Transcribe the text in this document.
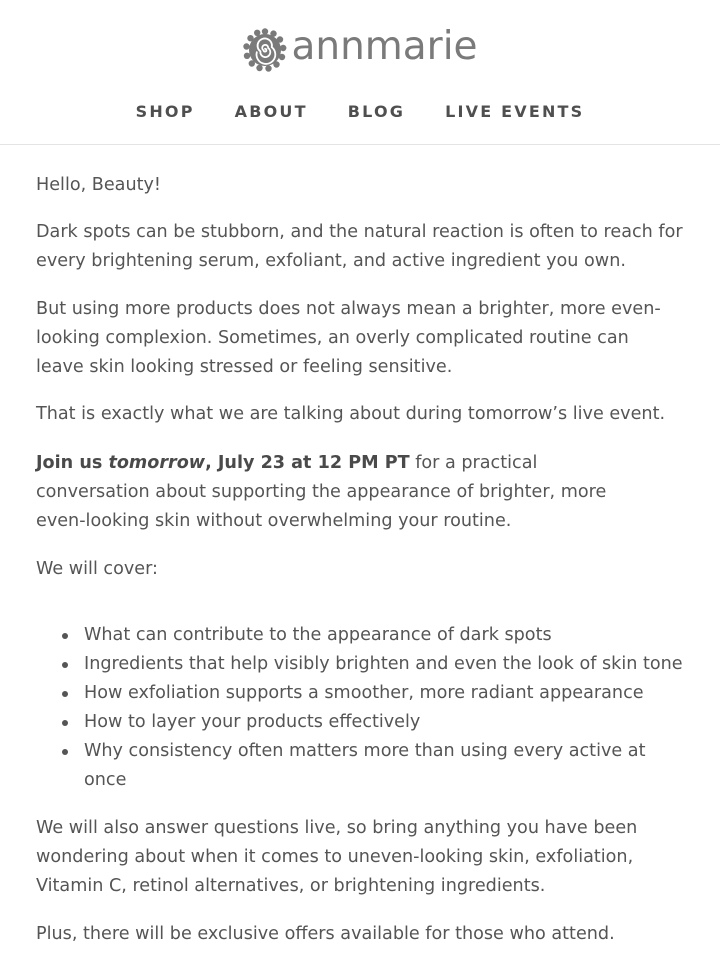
annmarie
SHOP	ABOUT	BLOG	LIVE EVENTS

Hello, Beauty!

Dark spots can be stubborn, and the natural reaction is often to reach for every brightening serum, exfoliant, and active ingredient you own.

But using more products does not always mean a brighter, more even-looking complexion. Sometimes, an overly complicated routine can leave skin looking stressed or feeling sensitive.

That is exactly what we are talking about during tomorrow’s live event.

Join us tomorrow, July 23 at 12 PM PT for a practical conversation about supporting the appearance of brighter, more even-looking skin without overwhelming your routine.

We will cover:

What can contribute to the appearance of dark spots
Ingredients that help visibly brighten and even the look of skin tone
How exfoliation supports a smoother, more radiant appearance
How to layer your products effectively
Why consistency often matters more than using every active at once

We will also answer questions live, so bring anything you have been wondering about when it comes to uneven-looking skin, exfoliation, Vitamin C, retinol alternatives, or brightening ingredients.

Plus, there will be exclusive offers available for those who attend.
